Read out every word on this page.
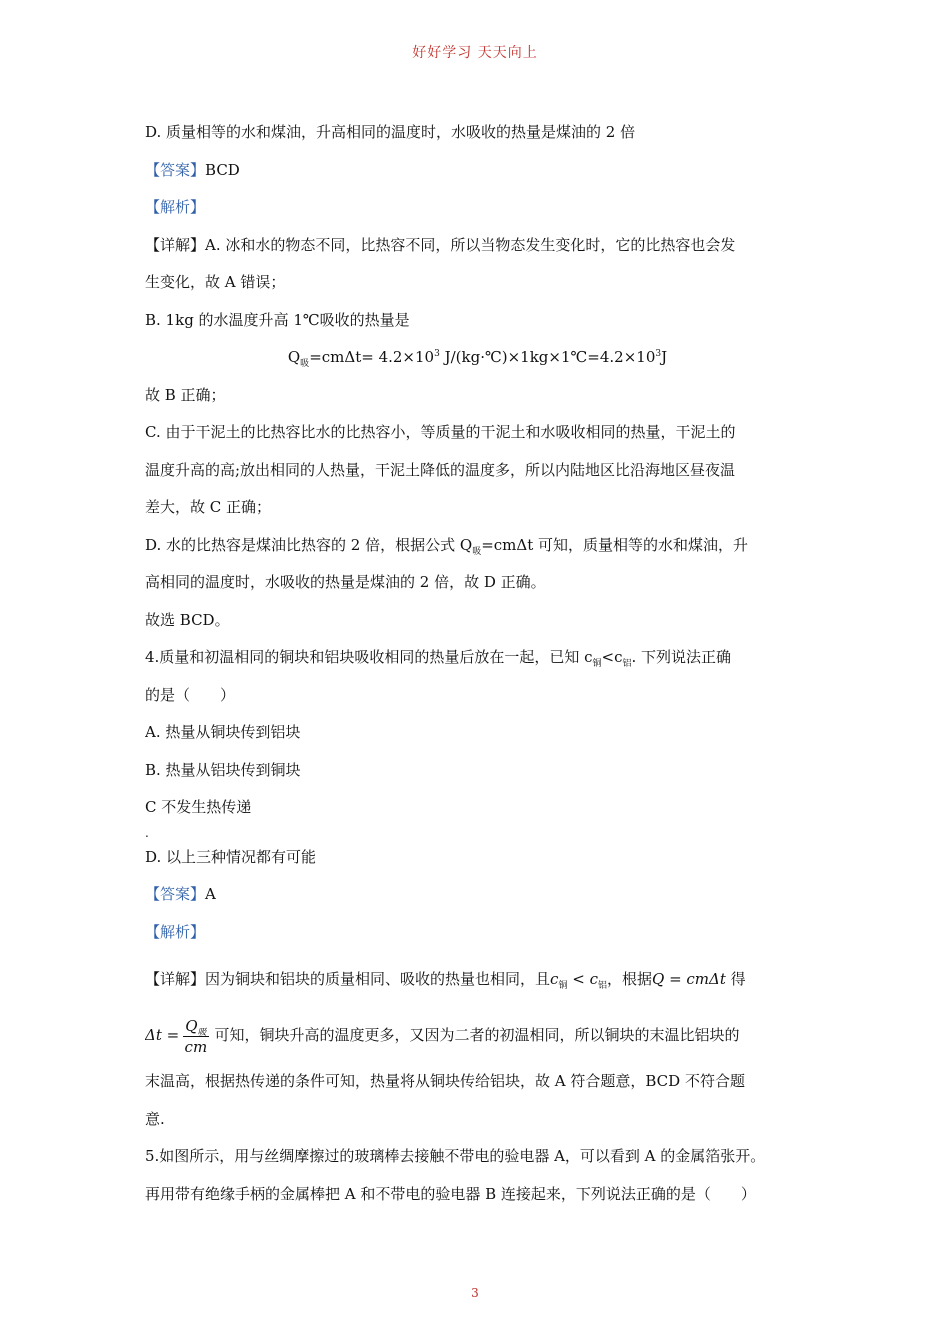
好好学习 天天向上
D. 质量相等的水和煤油，升高相同的温度时，水吸收的热量是煤油的 2 倍
【答案】BCD
【解析】
【详解】A. 冰和水的物态不同，比热容不同，所以当物态发生变化时，它的比热容也会发
生变化，故 A 错误；
B. 1kg 的水温度升高 1℃吸收的热量是
$Q_吸=cm\Delta t= 4.2\times 10^3$ $J/(kg\cdot℃)\times 1kg\times 1℃=4.2\times 10^3J$
故 B 正确；
C. 由于干泥土的比热容比水的比热容小，等质量的干泥土和水吸收相同的热量，干泥土的
温度升高的高;放出相同的人热量，干泥土降低的温度多，所以内陆地区比沿海地区昼夜温
差大，故 C 正确；
D. 水的比热容是煤油比热容的 2 倍，根据公式 $Q_吸=cm\Delta t$ 可知，质量相等的水和煤油，升
高相同的温度时，水吸收的热量是煤油的 2 倍，故 D 正确。
故选 BCD。
4.质量和初温相同的铜块和铝块吸收相同的热量后放在一起，已知 $c_铜<c_铝$. 下列说法正确
的是（　　）
A. 热量从铜块传到铝块
B. 热量从铝块传到铜块
C 不发生热传递
.
D. 以上三种情况都有可能
【答案】A
【解析】
【详解】因为铜块和铝块的质量相同、吸收的热量也相同，且$c_铜 < c_铝$，根据Q = cmΔt 得
$\Delta t = \frac{Q_吸}{cm}$ 可知，铜块升高的温度更多，又因为二者的初温相同，所以铜块的末温比铝块的
末温高，根据热传递的条件可知，热量将从铜块传给铝块，故 A 符合题意，BCD 不符合题
意.
5.如图所示，用与丝绸摩擦过的玻璃棒去接触不带电的验电器 A，可以看到 A 的金属箔张开。
再用带有绝缘手柄的金属棒把 A 和不带电的验电器 B 连接起来，下列说法正确的是（　　）
3
